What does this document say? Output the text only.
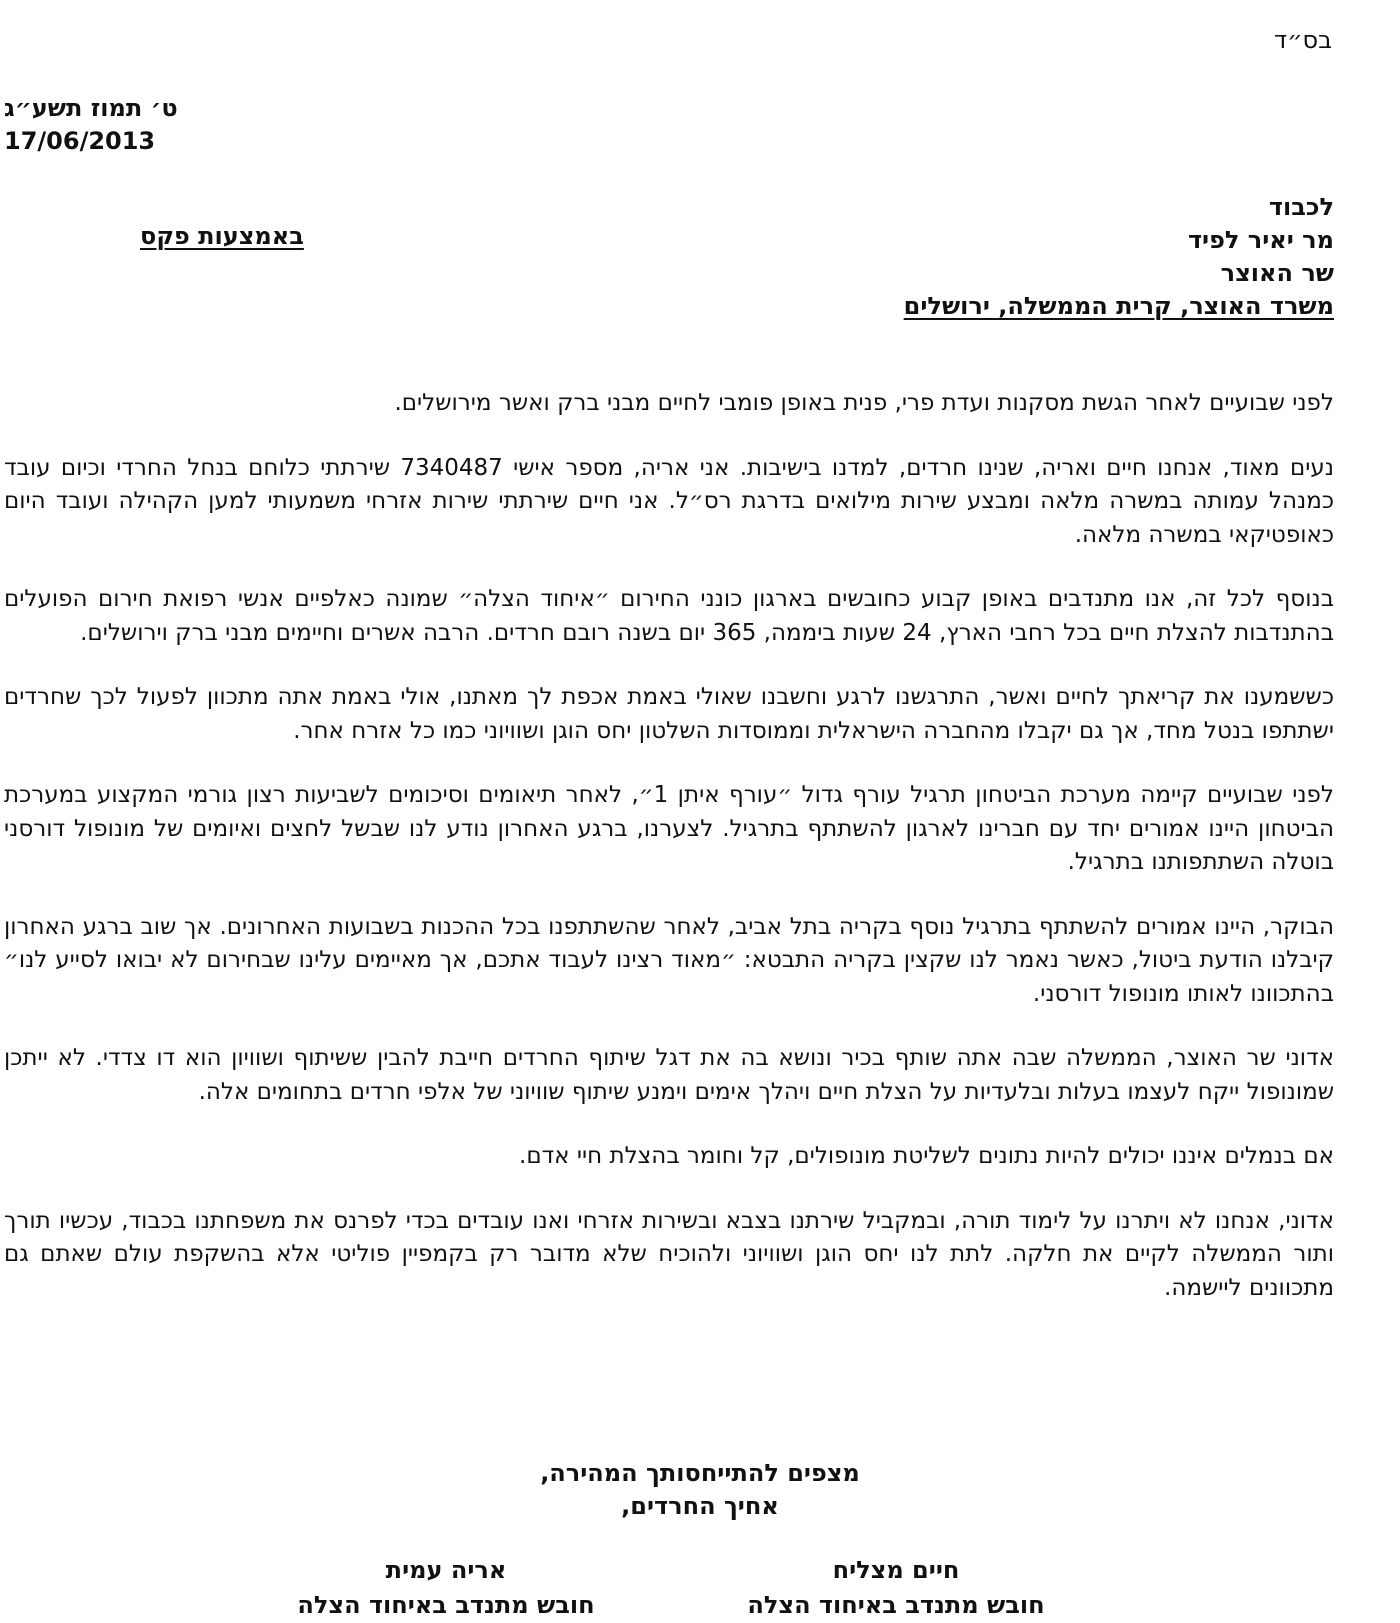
בס״ד
ט׳ תמוז תשע״ג
17/06/2013
לכבוד
מר יאיר לפיד
שר האוצר
משרד האוצר, קרית הממשלה, ירושלים
באמצעות פקס

לפני שבועיים לאחר הגשת מסקנות ועדת פרי, פנית באופן פומבי לחיים מבני ברק ואשר מירושלים.

נעים מאוד, אנחנו חיים ואריה, שנינו חרדים, למדנו בישיבות. אני אריה, מספר אישי 7340487 שירתתי כלוחם בנחל החרדי וכיום עובד כמנהל עמותה במשרה מלאה ומבצע שירות מילואים בדרגת רס״ל. אני חיים שירתתי שירות אזרחי משמעותי למען הקהילה ועובד היום כאופטיקאי במשרה מלאה.

בנוסף לכל זה, אנו מתנדבים באופן קבוע כחובשים בארגון כונני החירום ״איחוד הצלה״ שמונה כאלפיים אנשי רפואת חירום הפועלים בהתנדבות להצלת חיים בכל רחבי הארץ, 24 שעות ביממה, 365 יום בשנה רובם חרדים. הרבה אשרים וחיימים מבני ברק וירושלים.

כששמענו את קריאתך לחיים ואשר, התרגשנו לרגע וחשבנו שאולי באמת אכפת לך מאתנו, אולי באמת אתה מתכוון לפעול לכך שחרדים ישתתפו בנטל מחד, אך גם יקבלו מהחברה הישראלית וממוסדות השלטון יחס הוגן ושוויוני כמו כל אזרח אחר.

לפני שבועיים קיימה מערכת הביטחון תרגיל עורף גדול ״עורף איתן 1״, לאחר תיאומים וסיכומים לשביעות רצון גורמי המקצוע במערכת הביטחון היינו אמורים יחד עם חברינו לארגון להשתתף בתרגיל. לצערנו, ברגע האחרון נודע לנו שבשל לחצים ואיומים של מונופול דורסני בוטלה השתתפותנו בתרגיל.

הבוקר, היינו אמורים להשתתף בתרגיל נוסף בקריה בתל אביב, לאחר שהשתתפנו בכל ההכנות בשבועות האחרונים. אך שוב ברגע האחרון קיבלנו הודעת ביטול, כאשר נאמר לנו שקצין בקריה התבטא: ״מאוד רצינו לעבוד אתכם, אך מאיימים עלינו שבחירום לא יבואו לסייע לנו״ בהתכוונו לאותו מונופול דורסני.

אדוני שר האוצר, הממשלה שבה אתה שותף בכיר ונושא בה את דגל שיתוף החרדים חייבת להבין ששיתוף ושוויון הוא דו צדדי. לא ייתכן שמונופול ייקח לעצמו בעלות ובלעדיות על הצלת חיים ויהלך אימים וימנע שיתוף שוויוני של אלפי חרדים בתחומים אלה.

אם בנמלים איננו יכולים להיות נתונים לשליטת מונופולים, קל וחומר בהצלת חיי אדם.

אדוני, אנחנו לא ויתרנו על לימוד תורה, ובמקביל שירתנו בצבא ובשירות אזרחי ואנו עובדים בכדי לפרנס את משפחתנו בכבוד, עכשיו תורך ותור הממשלה לקיים את חלקה. לתת לנו יחס הוגן ושוויוני ולהוכיח שלא מדובר רק בקמפיין פוליטי אלא בהשקפת עולם שאתם גם מתכוונים ליישמה.

מצפים להתייחסותך המהירה,
אחיך החרדים,
חיים מצליח
חובש מתנדב באיחוד הצלה
אריה עמית
חובש מתנדב באיחוד הצלה
